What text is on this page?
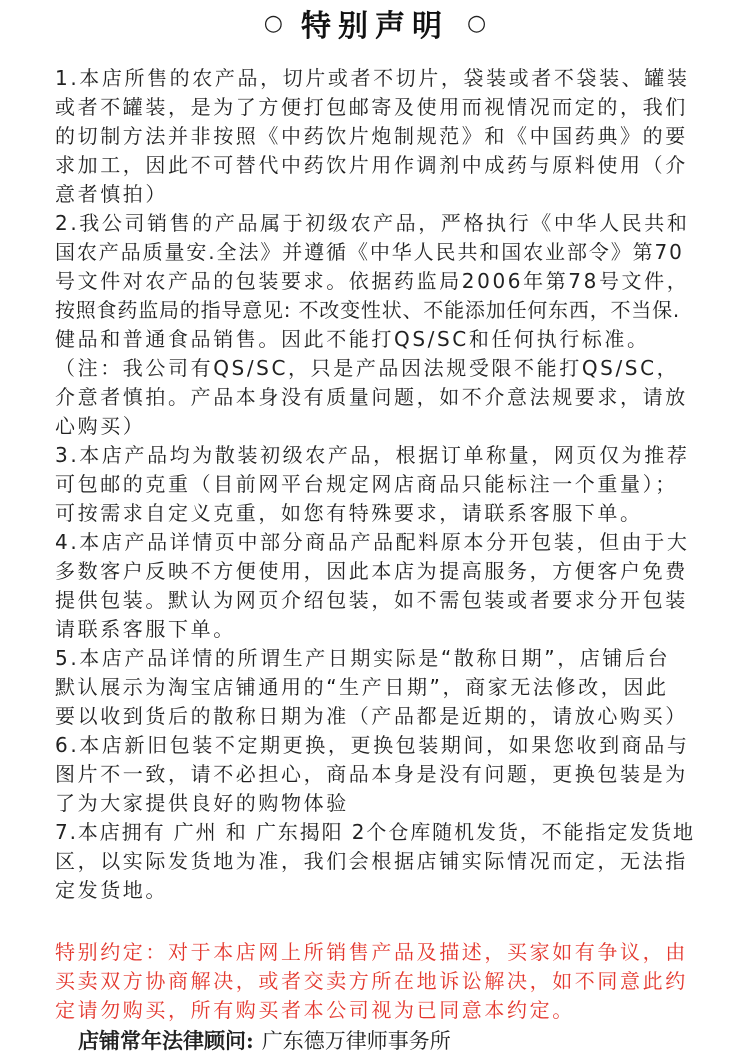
○ 特别声明 ○
1.本店所售的农产品，切片或者不切片，袋装或者不袋装、罐装
或者不罐装，是为了方便打包邮寄及使用而视情况而定的，我们
的切制方法并非按照《中药饮片炮制规范》和《中国药典》的要
求加工，因此不可替代中药饮片用作调剂中成药与原料使用（介
意者慎拍）
2.我公司销售的产品属于初级农产品，严格执行《中华人民共和
国农产品质量安.全法》并遵循《中华人民共和国农业部令》第70
号文件对农产品的包装要求。依据药监局2006年第78号文件，
按照食药监局的指导意见: 不改变性状、不能添加任何东西，不当保.
健品和普通食品销售。因此不能打QS/SC和任何执行标准。
（注：我公司有QS/SC，只是产品因法规受限不能打QS/SC，
介意者慎拍。产品本身没有质量问题，如不介意法规要求，请放
心购买）
3.本店产品均为散装初级农产品，根据订单称量，网页仅为推荐
可包邮的克重（目前网平台规定网店商品只能标注一个重量）；
可按需求自定义克重，如您有特殊要求，请联系客服下单。
4.本店产品详情页中部分商品产品配料原本分开包装，但由于大
多数客户反映不方便使用，因此本店为提高服务，方便客户免费
提供包装。默认为网页介绍包装，如不需包装或者要求分开包装
请联系客服下单。
5.本店产品详情的所谓生产日期实际是“散称日期”，店铺后台
默认展示为淘宝店铺通用的“生产日期”，商家无法修改，因此
要以收到货后的散称日期为准（产品都是近期的，请放心购买）
6.本店新旧包装不定期更换，更换包装期间，如果您收到商品与
图片不一致，请不必担心，商品本身是没有问题，更换包装是为
了为大家提供良好的购物体验
7.本店拥有 广州 和 广东揭阳 2个仓库随机发货，不能指定发货地
区，以实际发货地为准，我们会根据店铺实际情况而定，无法指
定发货地。
特别约定：对于本店网上所销售产品及描述，买家如有争议，由
买卖双方协商解决，或者交卖方所在地诉讼解决，如不同意此约
定请勿购买，所有购买者本公司视为已同意本约定。
店铺常年法律顾问: 广东德万律师事务所
